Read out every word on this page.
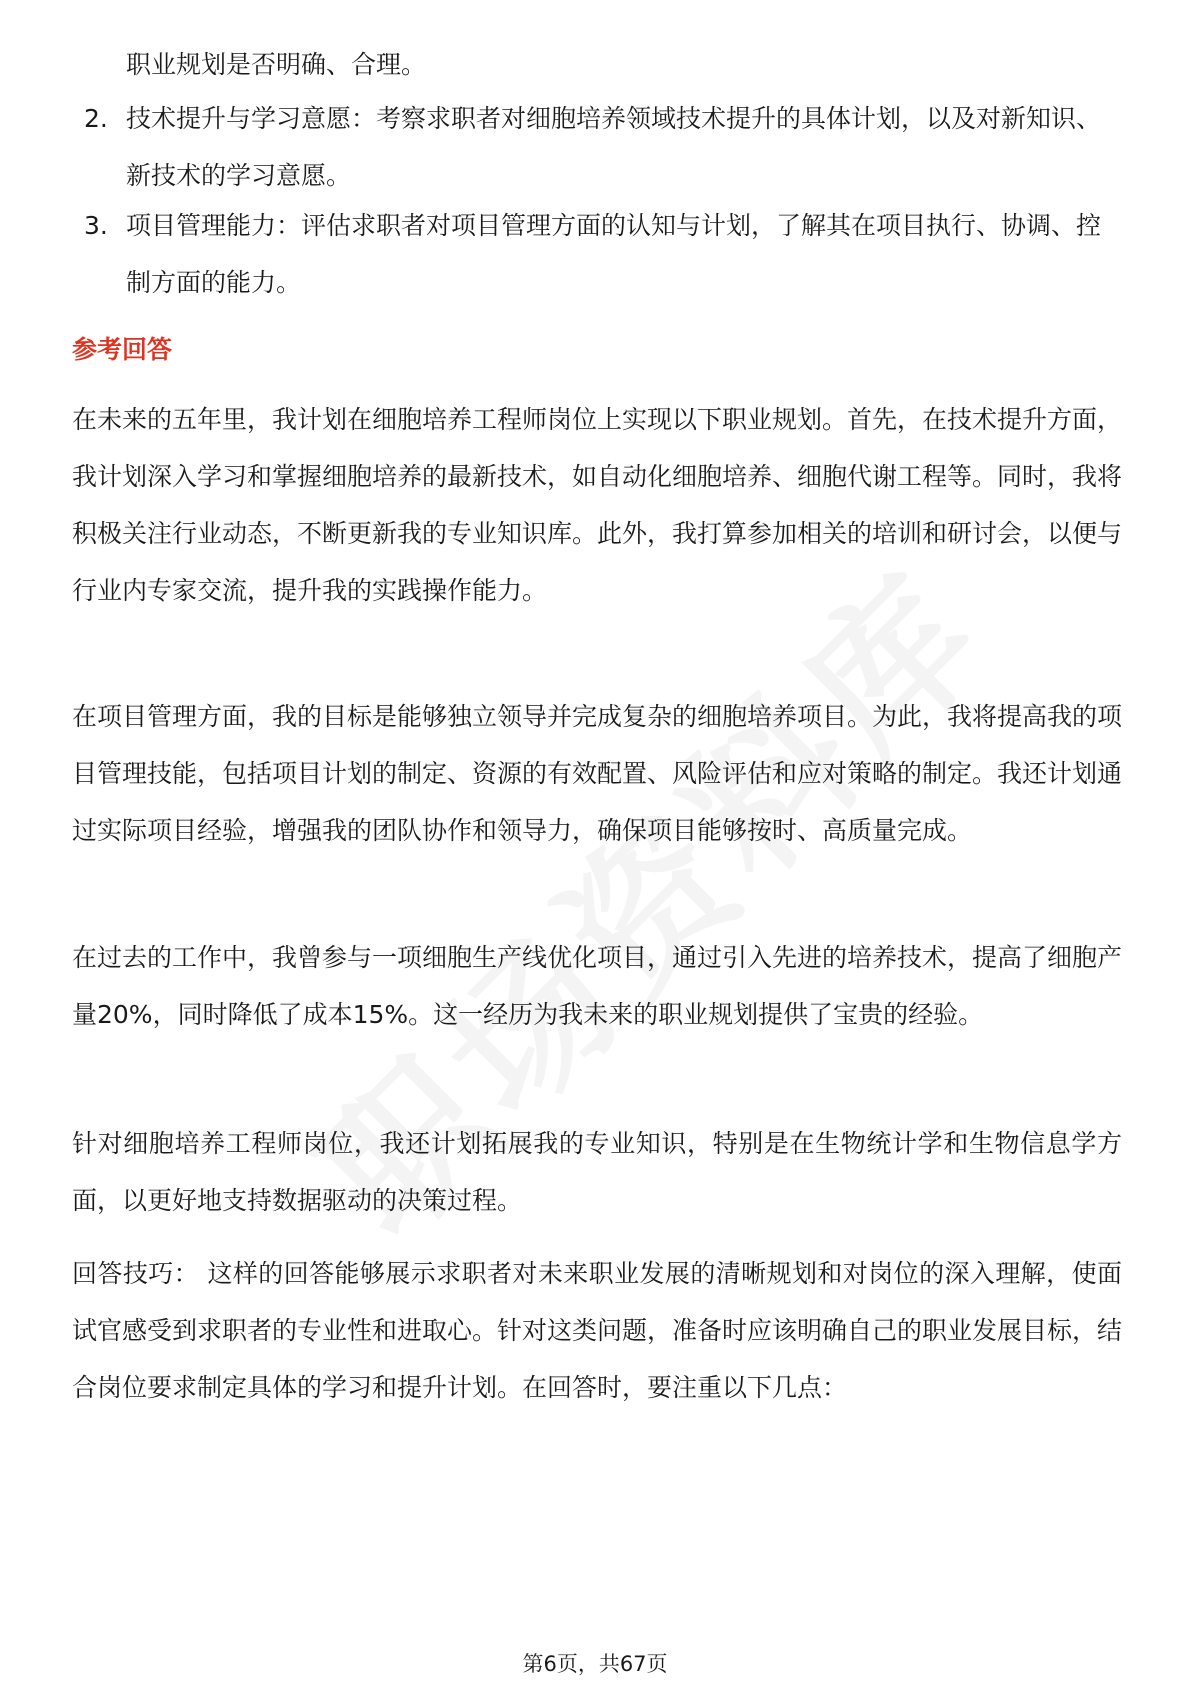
职业规划是否明确、合理。

2. 技术提升与学习意愿：考察求职者对细胞培养领域技术提升的具体计划，以及对新知识、新技术的学习意愿。
3. 项目管理能力：评估求职者对项目管理方面的认知与计划，了解其在项目执行、协调、控制方面的能力。
参考回答

在未来的五年里，我计划在细胞培养工程师岗位上实现以下职业规划。首先，在技术提升方面，我计划深入学习和掌握细胞培养的最新技术，如自动化细胞培养、细胞代谢工程等。同时，我将积极关注行业动态，不断更新我的专业知识库。此外，我打算参加相关的培训和研讨会，以便与行业内专家交流，提升我的实践操作能力。

在项目管理方面，我的目标是能够独立领导并完成复杂的细胞培养项目。为此，我将提高我的项目管理技能，包括项目计划的制定、资源的有效配置、风险评估和应对策略的制定。我还计划通过实际项目经验，增强我的团队协作和领导力，确保项目能够按时、高质量完成。

在过去的工作中，我曾参与一项细胞生产线优化项目，通过引入先进的培养技术，提高了细胞产量20%，同时降低了成本15%。这一经历为我未来的职业规划提供了宝贵的经验。

针对细胞培养工程师岗位，我还计划拓展我的专业知识，特别是在生物统计学和生物信息学方面，以更好地支持数据驱动的决策过程。

回答技巧： 这样的回答能够展示求职者对未来职业发展的清晰规划和对岗位的深入理解，使面试官感受到求职者的专业性和进取心。针对这类问题，准备时应该明确自己的职业发展目标，结合岗位要求制定具体的学习和提升计划。在回答时，要注重以下几点：

第6页，共67页
